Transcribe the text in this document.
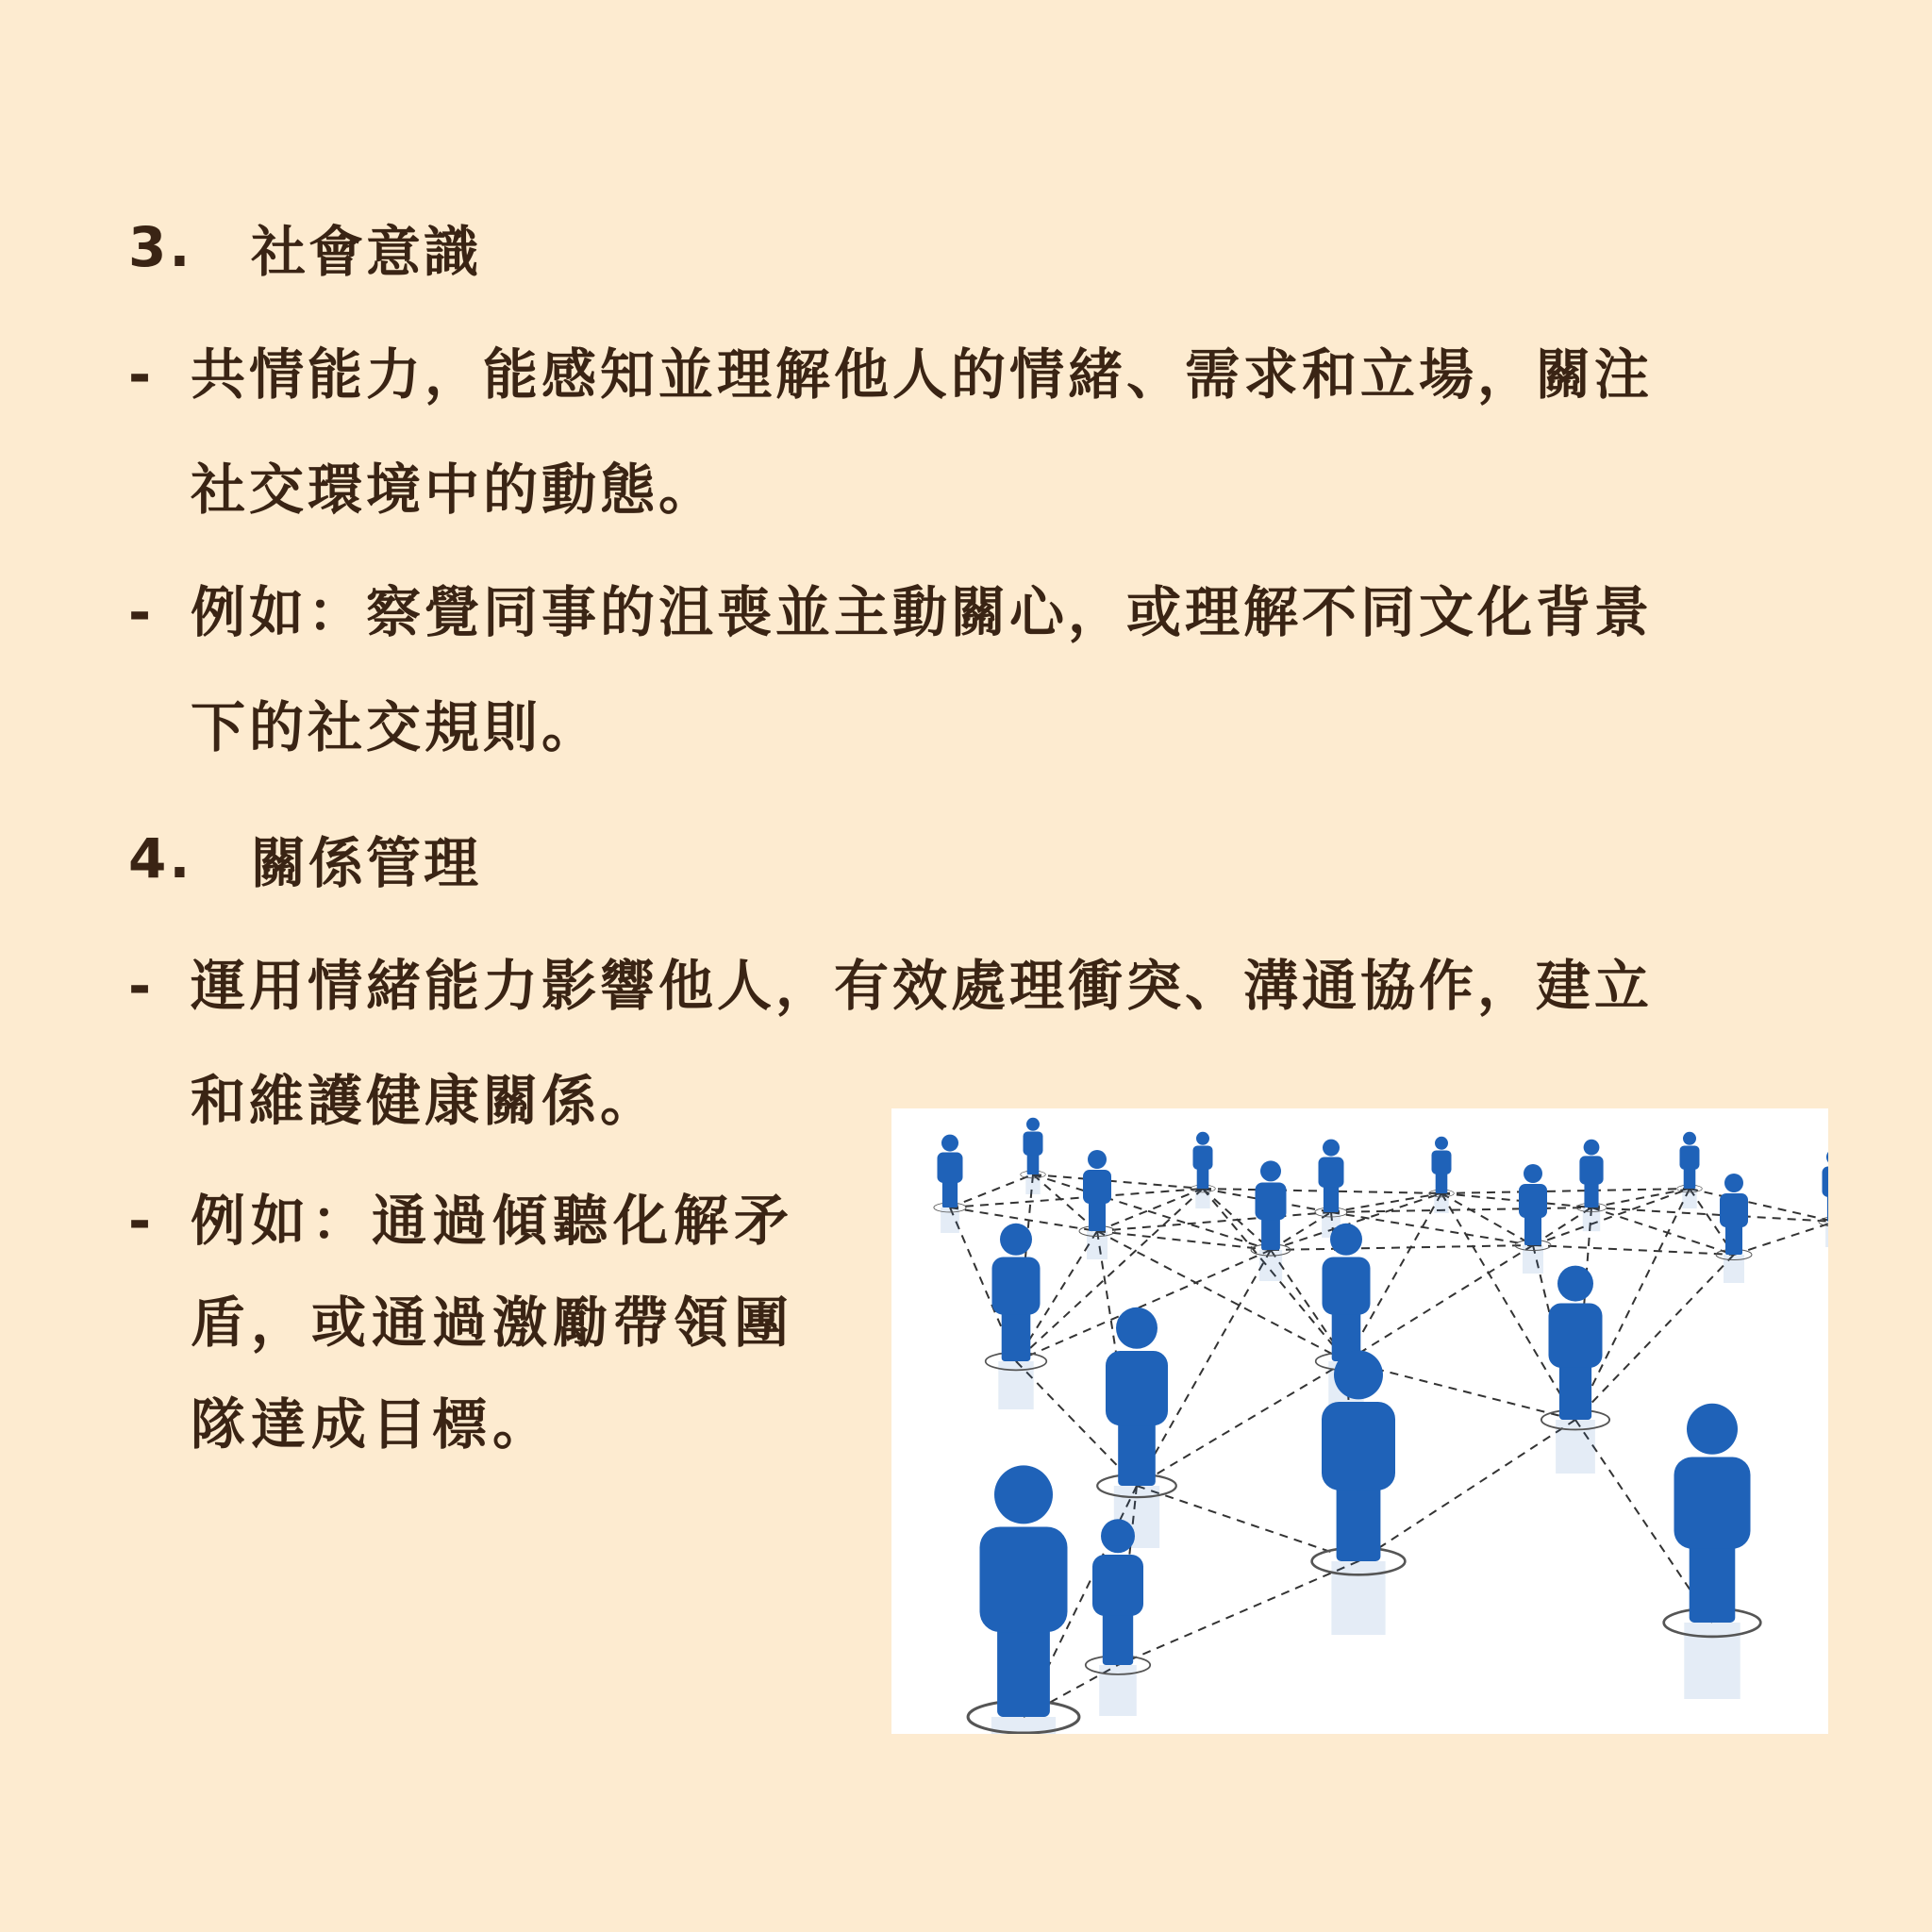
3.	社會意識
- 共情能力，能感知並理解他人的情緒、需求和立場，關注
社交環境中的動態。
- 例如：察覺同事的沮喪並主動關心，或理解不同文化背景
下的社交規則。
4.	關係管理
- 運用情緒能力影響他人，有效處理衝突、溝通協作，建立
和維護健康關係。
- 例如：通過傾聽化解矛
盾，或通過激勵帶領團
隊達成目標。
